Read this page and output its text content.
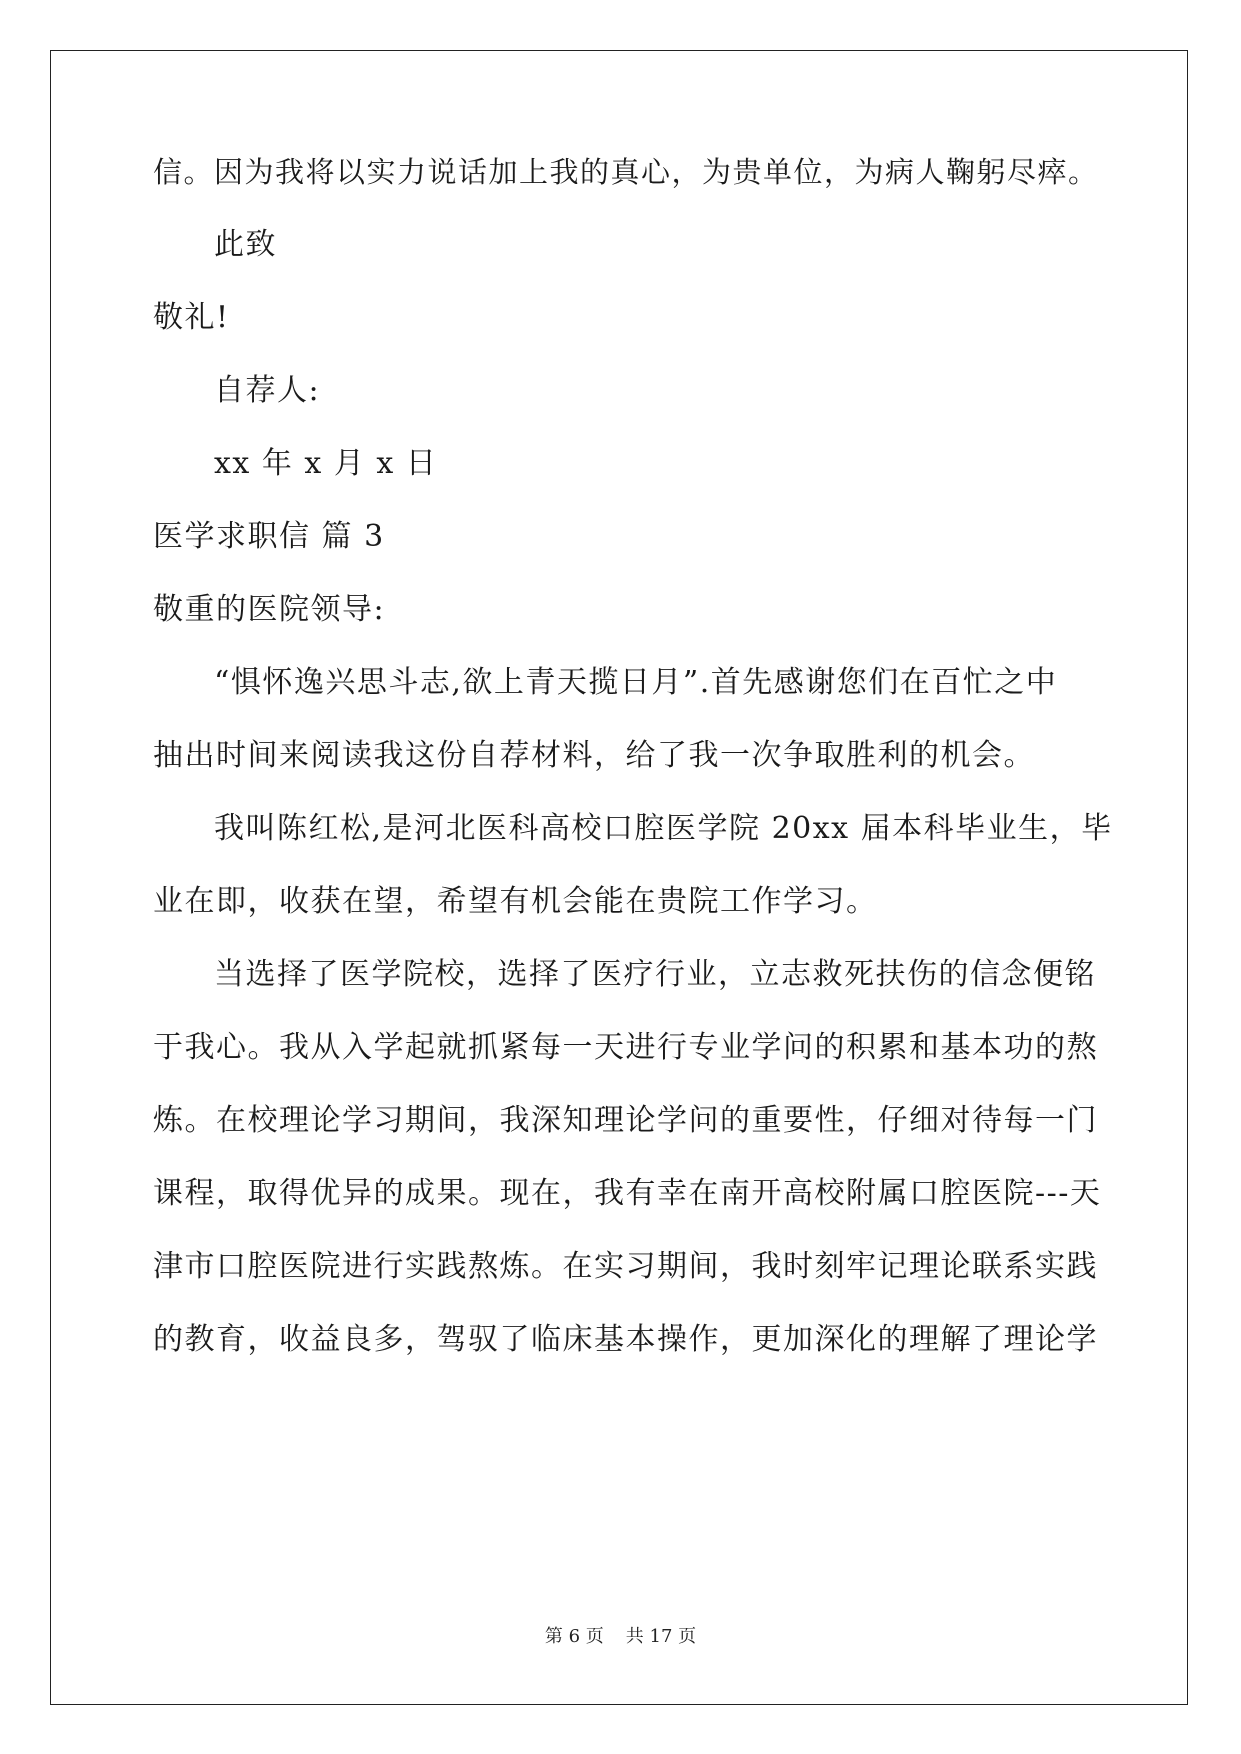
信。因为我将以实力说话加上我的真心，为贵单位，为病人鞠躬尽瘁。
此致
敬礼!
自荐人:
xx 年 x 月 x 日
医学求职信 篇 3
敬重的医院领导:
“惧怀逸兴思斗志,欲上青天揽日月”.首先感谢您们在百忙之中
抽出时间来阅读我这份自荐材料，给了我一次争取胜利的机会。
我叫陈红松,是河北医科高校口腔医学院 20xx 届本科毕业生，毕
业在即，收获在望，希望有机会能在贵院工作学习。
当选择了医学院校，选择了医疗行业，立志救死扶伤的信念便铭
于我心。我从入学起就抓紧每一天进行专业学问的积累和基本功的熬
炼。在校理论学习期间，我深知理论学问的重要性，仔细对待每一门
课程，取得优异的成果。现在，我有幸在南开高校附属口腔医院---天
津市口腔医院进行实践熬炼。在实习期间，我时刻牢记理论联系实践
的教育，收益良多，驾驭了临床基本操作，更加深化的理解了理论学
第 6 页 共 17 页
